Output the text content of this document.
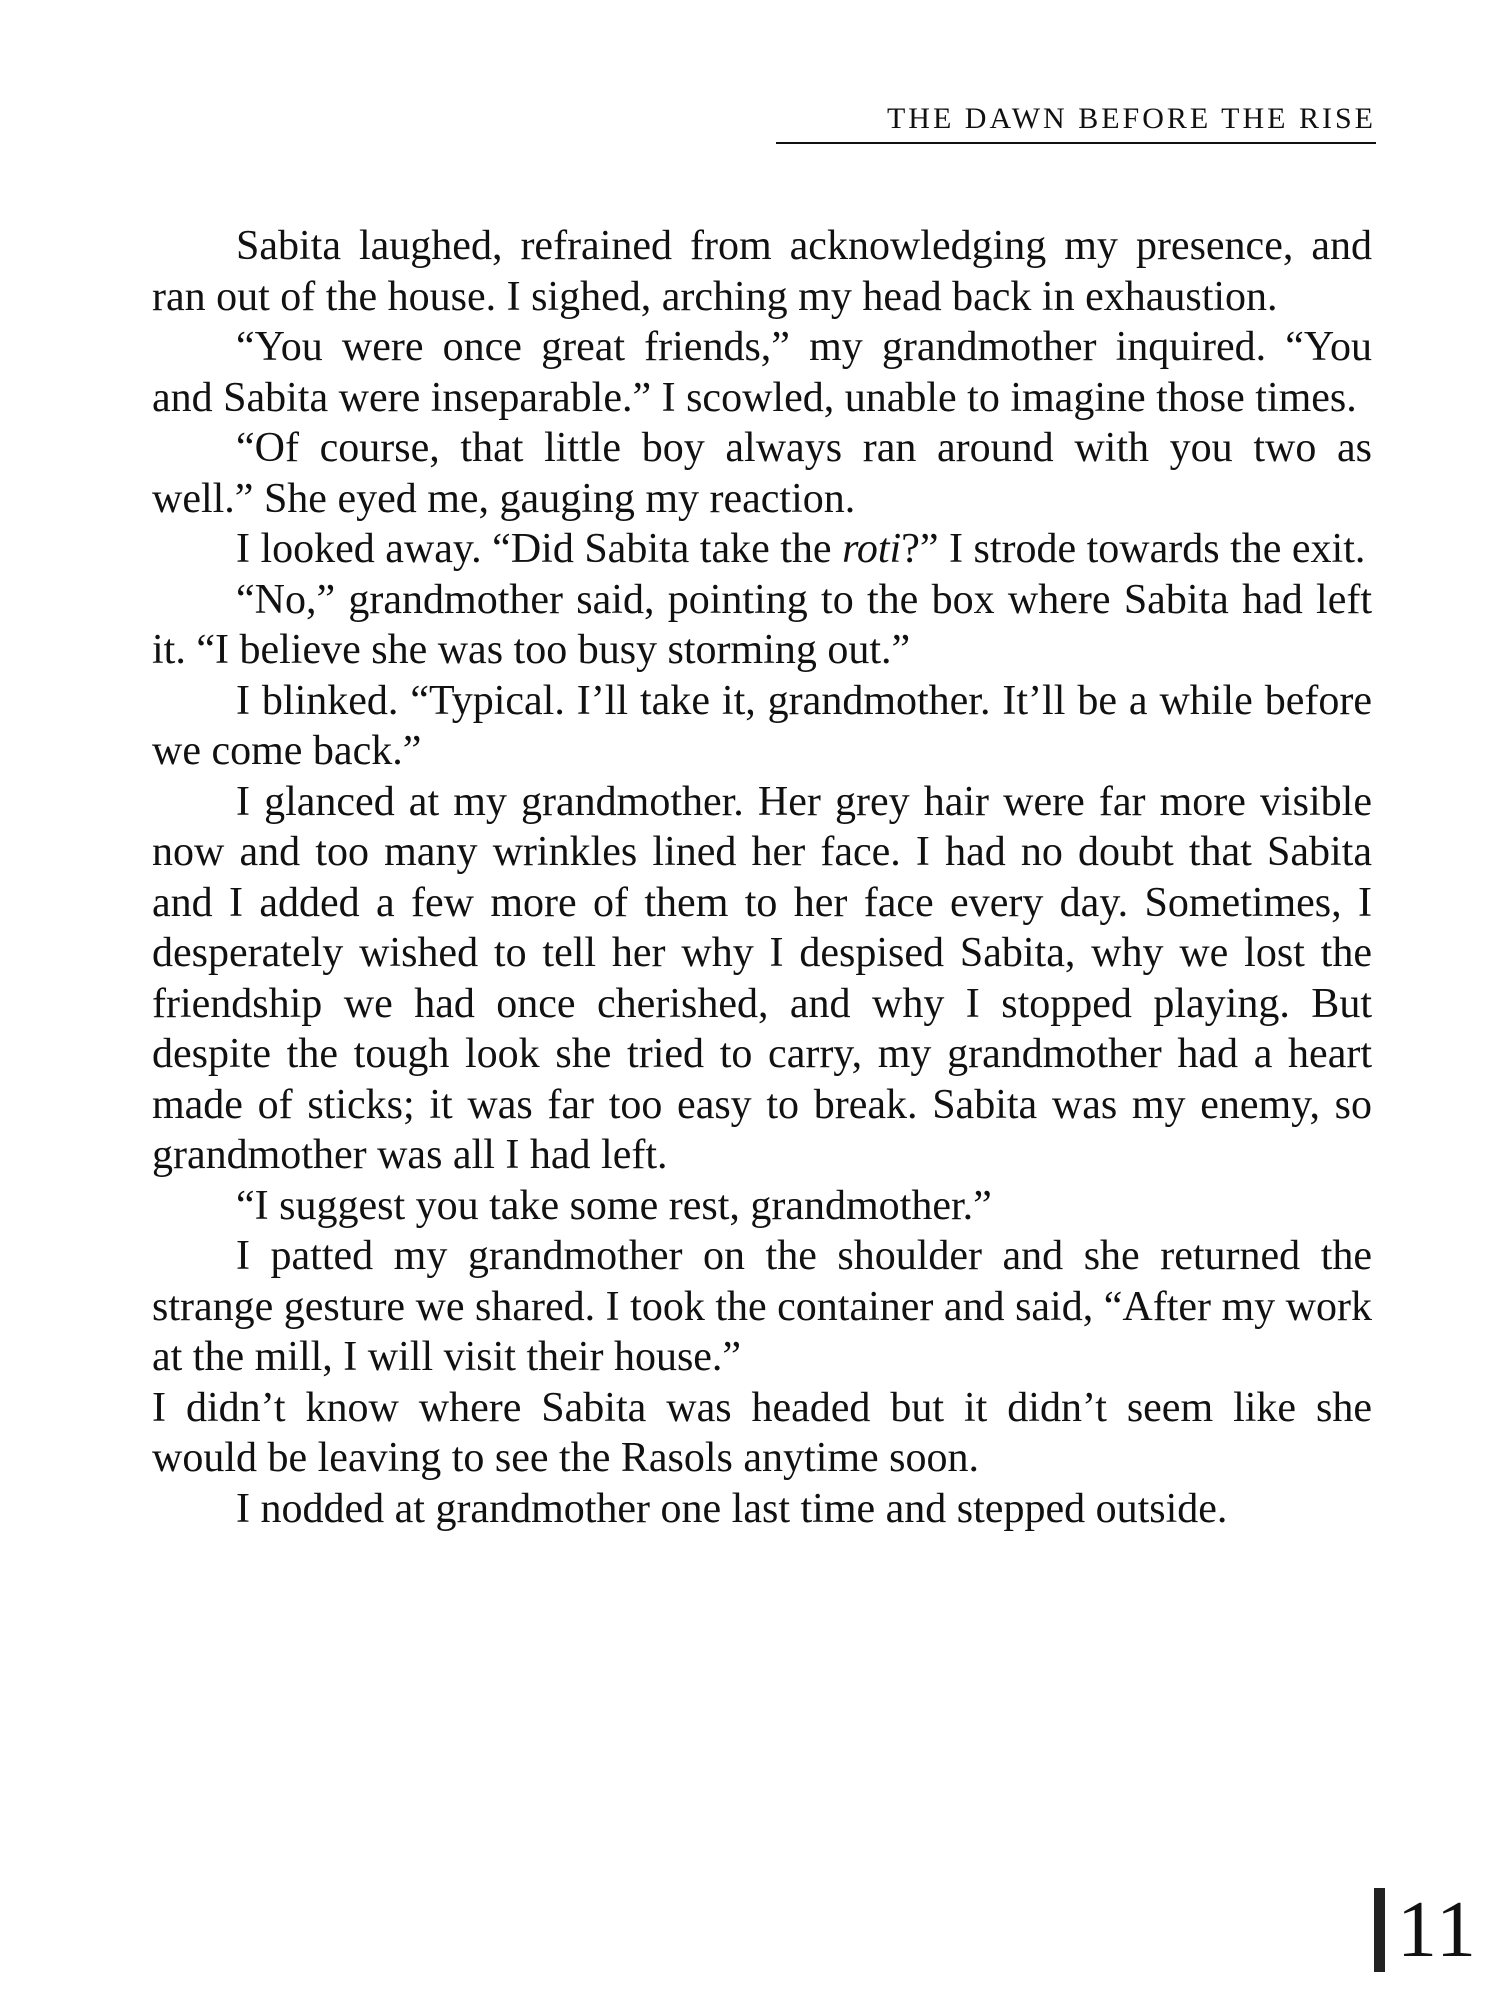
THE DAWN BEFORE THE RISE

Sabita laughed, refrained from acknowledging my presence, and ran out of the house. I sighed, arching my head back in exhaustion.

“You were once great friends,” my grandmother inquired. “You and Sabita were inseparable.” I scowled, unable to imagine those times.

“Of course, that little boy always ran around with you two as well.” She eyed me, gauging my reaction.

I looked away. “Did Sabita take the roti?” I strode towards the exit.

“No,” grandmother said, pointing to the box where Sabita had left it. “I believe she was too busy storming out.”

I blinked. “Typical. I’ll take it, grandmother. It’ll be a while before we come back.”

I glanced at my grandmother. Her grey hair were far more visible now and too many wrinkles lined her face. I had no doubt that Sabita and I added a few more of them to her face every day. Sometimes, I desperately wished to tell her why I despised Sabita, why we lost the friendship we had once cherished, and why I stopped playing. But despite the tough look she tried to carry, my grandmother had a heart made of sticks; it was far too easy to break. Sabita was my enemy, so grandmother was all I had left.

“I suggest you take some rest, grandmother.”

I patted my grandmother on the shoulder and she returned the strange gesture we shared. I took the container and said, “After my work at the mill, I will visit their house.”

I didn’t know where Sabita was headed but it didn’t seem like she would be leaving to see the Rasols anytime soon.

I nodded at grandmother one last time and stepped outside.

11
